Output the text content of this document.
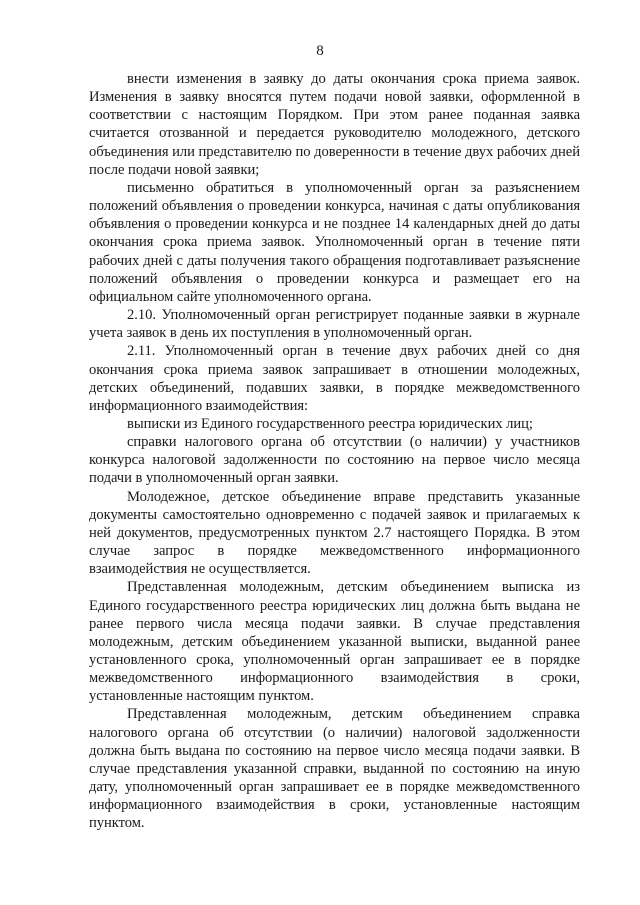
8

внести изменения в заявку до даты окончания срока приема заявок. Изменения в заявку вносятся путем подачи новой заявки, оформленной в соответствии с настоящим Порядком. При этом ранее поданная заявка считается отозванной и передается руководителю молодежного, детского объединения или представителю по доверенности в течение двух рабочих дней после подачи новой заявки;

письменно обратиться в уполномоченный орган за разъяснением положений объявления о проведении конкурса, начиная с даты опубликования объявления о проведении конкурса и не позднее 14 календарных дней до даты окончания срока приема заявок. Уполномоченный орган в течение пяти рабочих дней с даты получения такого обращения подготавливает разъяснение положений объявления о проведении конкурса и размещает его на официальном сайте уполномоченного органа.

2.10. Уполномоченный орган регистрирует поданные заявки в журнале учета заявок в день их поступления в уполномоченный орган.

2.11. Уполномоченный орган в течение двух рабочих дней со дня окончания срока приема заявок запрашивает в отношении молодежных, детских объединений, подавших заявки, в порядке межведомственного информационного взаимодействия:

выписки из Единого государственного реестра юридических лиц;

справки налогового органа об отсутствии (о наличии) у участников конкурса налоговой задолженности по состоянию на первое число месяца подачи в уполномоченный орган заявки.

Молодежное, детское объединение вправе представить указанные документы самостоятельно одновременно с подачей заявок и прилагаемых к ней документов, предусмотренных пунктом 2.7 настоящего Порядка. В этом случае запрос в порядке межведомственного информационного взаимодействия не осуществляется.

Представленная молодежным, детским объединением выписка из Единого государственного реестра юридических лиц должна быть выдана не ранее первого числа месяца подачи заявки. В случае представления молодежным, детским объединением указанной выписки, выданной ранее установленного срока, уполномоченный орган запрашивает ее в порядке межведомственного информационного взаимодействия в сроки, установленные настоящим пунктом.

Представленная молодежным, детским объединением справка налогового органа об отсутствии (о наличии) налоговой задолженности должна быть выдана по состоянию на первое число месяца подачи заявки. В случае представления указанной справки, выданной по состоянию на иную дату, уполномоченный орган запрашивает ее в порядке межведомственного информационного взаимодействия в сроки, установленные настоящим пунктом.
